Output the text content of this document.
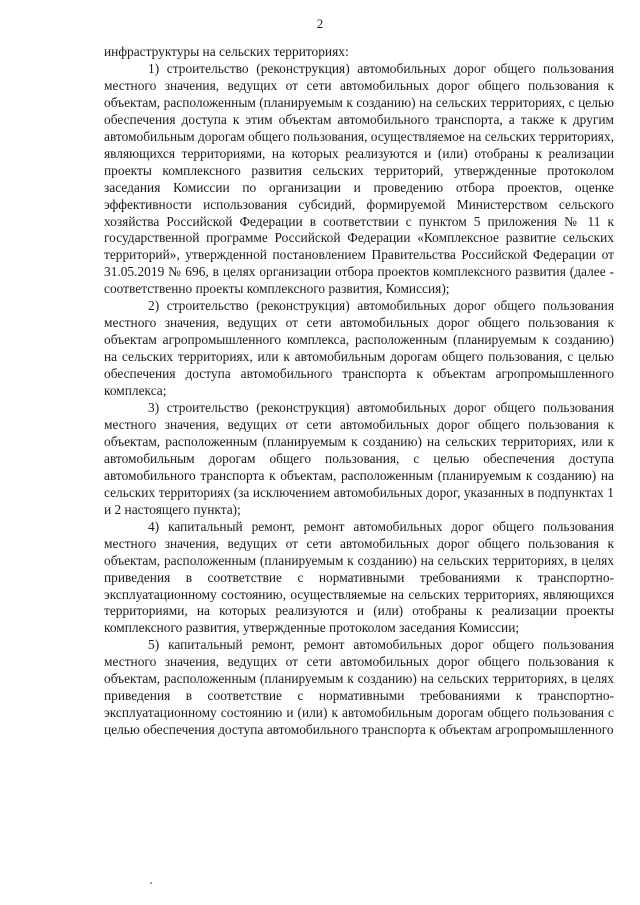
2

инфраструктуры на сельских территориях:

1) строительство (реконструкция) автомобильных дорог общего пользования местного значения, ведущих от сети автомобильных дорог общего пользования к объектам, расположенным (планируемым к созданию) на сельских территориях, с целью обеспечения доступа к этим объектам автомобильного транспорта, а также к другим автомобильным дорогам общего пользования, осуществляемое на сельских территориях, являющихся территориями, на которых реализуются и (или) отобраны к реализации проекты комплексного развития сельских территорий, утвержденные протоколом заседания Комиссии по организации и проведению отбора проектов, оценке эффективности использования субсидий, формируемой Министерством сельского хозяйства Российской Федерации в соответствии с пунктом 5 приложения № 11 к государственной программе Российской Федерации «Комплексное развитие сельских территорий», утвержденной постановлением Правительства Российской Федерации от 31.05.2019 № 696, в целях организации отбора проектов комплексного развития (далее - соответственно проекты комплексного развития, Комиссия);

2) строительство (реконструкция) автомобильных дорог общего пользования местного значения, ведущих от сети автомобильных дорог общего пользования к объектам агропромышленного комплекса, расположенным (планируемым к созданию) на сельских территориях, или к автомобильным дорогам общего пользования, с целью обеспечения доступа автомобильного транспорта к объектам агропромышленного комплекса;

3) строительство (реконструкция) автомобильных дорог общего пользования местного значения, ведущих от сети автомобильных дорог общего пользования к объектам, расположенным (планируемым к созданию) на сельских территориях, или к автомобильным дорогам общего пользования, с целью обеспечения доступа автомобильного транспорта к объектам, расположенным (планируемым к созданию) на сельских территориях (за исключением автомобильных дорог, указанных в подпунктах 1 и 2 настоящего пункта);

4) капитальный ремонт, ремонт автомобильных дорог общего пользования местного значения, ведущих от сети автомобильных дорог общего пользования к объектам, расположенным (планируемым к созданию) на сельских территориях, в целях приведения в соответствие с нормативными требованиями к транспортно-эксплуатационному состоянию, осуществляемые на сельских территориях, являющихся территориями, на которых реализуются и (или) отобраны к реализации проекты комплексного развития, утвержденные протоколом заседания Комиссии;

5) капитальный ремонт, ремонт автомобильных дорог общего пользования местного значения, ведущих от сети автомобильных дорог общего пользования к объектам, расположенным (планируемым к созданию) на сельских территориях, в целях приведения в соответствие с нормативными требованиями к транспортно-эксплуатационному состоянию и (или) к автомобильным дорогам общего пользования с целью обеспечения доступа автомобильного транспорта к объектам агропромышленного
